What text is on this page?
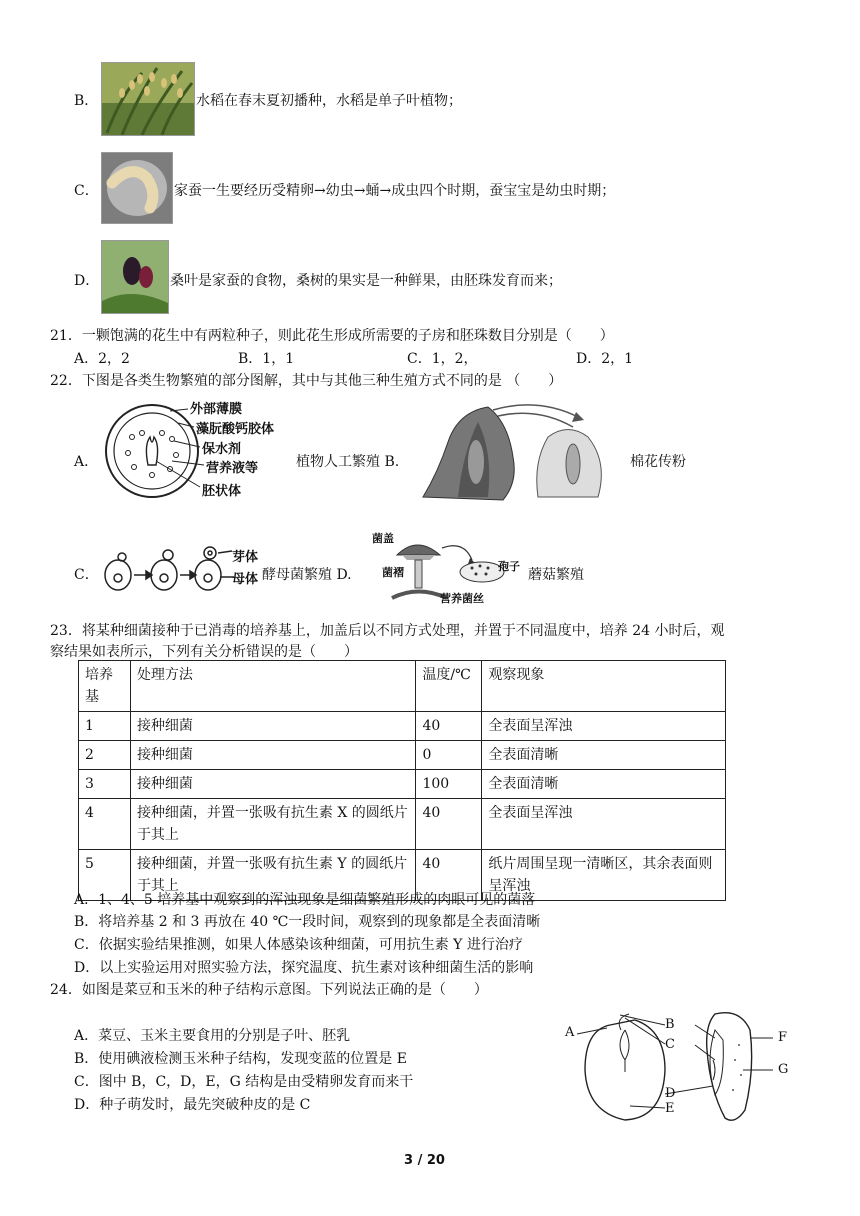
B．	水稻在春末夏初播种，水稻是单子叶植物；
C．	家蚕一生要经历受精卵→幼虫→蛹→成虫四个时期，蚕宝宝是幼虫时期；
D．	桑叶是家蚕的食物，桑树的果实是一种鲜果，由胚珠发育而来；
21．一颗饱满的花生中有两粒种子，则此花生形成所需要的子房和胚珠数目分别是（　　）
A．2，2	B．1，1	C．1，2，	D．2，1
22．下图是各类生物繁殖的部分图解，其中与其他三种生殖方式不同的是 （　　）
A．
外部薄膜
藻朊酸钙胶体
保水剂
营养液等
胚状体
植物人工繁殖 B.	棉花传粉
C．
芽体
母体 酵母菌繁殖 D.
菌盖
菌褶	孢子
营养菌丝
蘑菇繁殖
23．将某种细菌接种于已消毒的培养基上，加盖后以不同方式处理，并置于不同温度中，培养 24 小时后，观
察结果如表所示，下列有关分析错误的是（　　）
培养
基	处理方法	温度/℃	观察现象
1	接种细菌	40	全表面呈浑浊
2	接种细菌	0	全表面清晰
3	接种细菌	100	全表面清晰
4	接种细菌，并置一张吸有抗生素 X 的圆纸片于其上	40	全表面呈浑浊
5	接种细菌，并置一张吸有抗生素 Y 的圆纸片于其上	40	纸片周围呈现一清晰区，其余表面则呈浑浊
A．1、4、5 培养基中观察到的浑浊现象是细菌繁殖形成的肉眼可见的菌落
B．将培养基 2 和 3 再放在 40 ℃一段时间，观察到的现象都是全表面清晰
C．依据实验结果推测，如果人体感染该种细菌，可用抗生素 Y 进行治疗
D．以上实验运用对照实验方法，探究温度、抗生素对该种细菌生活的影响
24．如图是菜豆和玉米的种子结构示意图。下列说法正确的是（　　）
A．菜豆、玉米主要食用的分别是子叶、胚乳
B．使用碘液检测玉米种子结构，发现变蓝的位置是 E
C．图中 B，C，D，E，G 结构是由受精卵发育而来干
D．种子萌发时，最先突破种皮的是 C
A
B
C
D
E
F
G
3 / 20
